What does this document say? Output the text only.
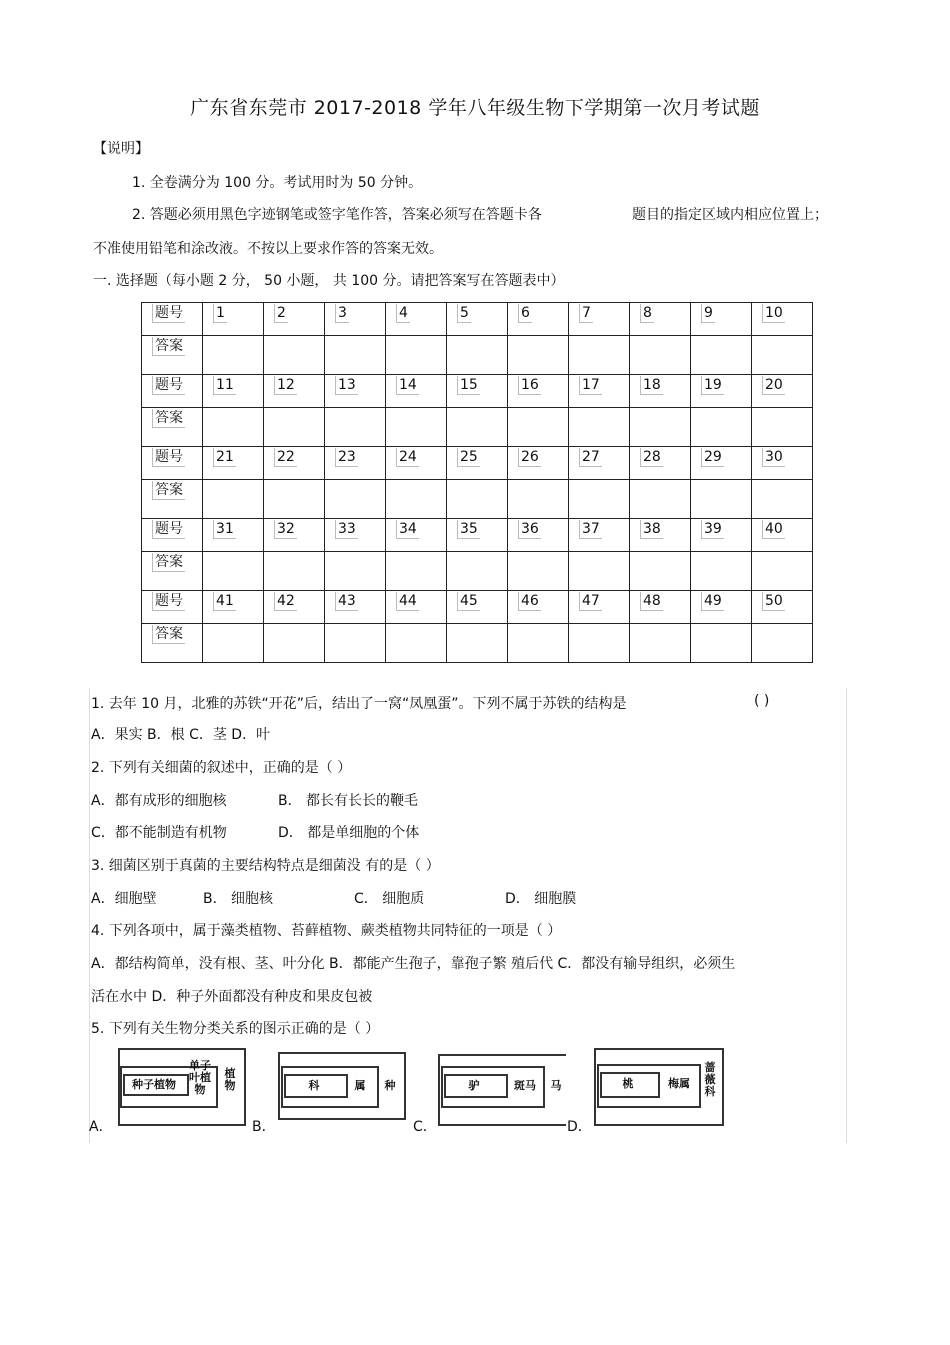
广东省东莞市 2017-2018 学年八年级生物下学期第一次月考试题
【说明】
1. 全卷满分为 100 分。考试用时为 50 分钟。
2. 答题必须用黑色字迹钢笔或签字笔作答，答案必须写在答题卡各	题目的指定区域内相应位置上；
不准使用铅笔和涂改液。不按以上要求作答的答案无效。
一. 选择题（每小题 2 分， 50 小题， 共 100 分。请把答案写在答题表中）
题号	1	2	3	4	5	6	7	8	9	10
答案										
题号	11	12	13	14	15	16	17	18	19	20
答案										
题号	21	22	23	24	25	26	27	28	29	30
答案										
题号	31	32	33	34	35	36	37	38	39	40
答案										
题号	41	42	43	44	45	46	47	48	49	50
答案										
1. 去年 10 月，北雅的苏铁“开花”后，结出了一窝“凤凰蛋”。下列不属于苏铁的结构是	( )
A．果实 B．根 C．茎 D．叶
2. 下列有关细菌的叙述中，正确的是（ ）
A．都有成形的细胞核	B． 都长有长长的鞭毛
C．都不能制造有机物	D． 都是单细胞的个体
3. 细菌区别于真菌的主要结构特点是细菌没 有的是（ ）
A．细胞壁	B． 细胞核	C． 细胞质	D． 细胞膜
4. 下列各项中，属于藻类植物、苔藓植物、蕨类植物共同特征的一项是（ ）
A．都结构简单，没有根、茎、叶分化 B．都能产生孢子，靠孢子繁 殖后代 C．都没有输导组织，必须生
活在水中 D．种子外面都没有种皮和果皮包被
5. 下列有关生物分类关系的图示正确的是（ ）
A．	B．	C．	D．
种子植物
单子叶植物
植物	科	属	种	驴	斑马	马	桃	梅属
蔷薇科
